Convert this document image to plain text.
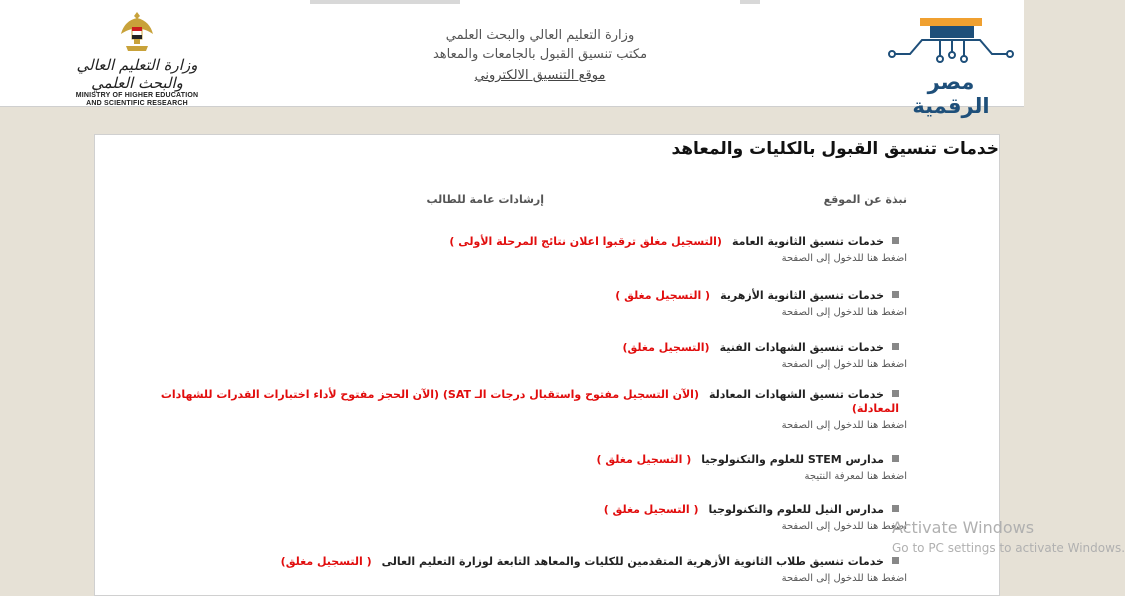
وزارة التعليم العالي والبحث العلمي
MINISTRY OF HIGHER EDUCATION
AND SCIENTIFIC RESEARCH
وزارة التعليم العالي والبحث العلمي
مكتب تنسيق القبول بالجامعات والمعاهد
موقع التنسيق الالكتروني	مصر الرقمية
خدمات تنسيق القبول بالكليات والمعاهد
نبذة عن الموقع
إرشادات عامة للطالب
خدمات تنسيق الثانوية العامة(التسجيل مغلق ترقبوا اعلان نتائج المرحلة الأولى )
اضغط هنا للدخول إلى الصفحة
خدمات تنسيق الثانوية الأزهرية( التسجيل مغلق )
اضغط هنا للدخول إلى الصفحة
خدمات تنسيق الشهادات الفنية(التسجيل مغلق)
اضغط هنا للدخول إلى الصفحة
خدمات تنسيق الشهادات المعادلة(الآن التسجيل مفتوح واستقبال درجات الـ SAT) (الآن الحجز مفتوح لأداء اختبارات القدرات للشهادات المعادلة)
اضغط هنا للدخول إلى الصفحة
مدارس STEM للعلوم والتكنولوجيا( التسجيل مغلق )
اضغط هنا لمعرفة النتيجة
مدارس النيل للعلوم والتكنولوجيا( التسجيل مغلق )
اضغط هنا للدخول إلى الصفحة
خدمات تنسيق طلاب الثانوية الأزهرية المتقدمين للكليات والمعاهد التابعة لوزارة التعليم العالى( التسجيل مغلق)
اضغط هنا للدخول إلى الصفحة
Activate Windows
Go to PC settings to activate Windows.
